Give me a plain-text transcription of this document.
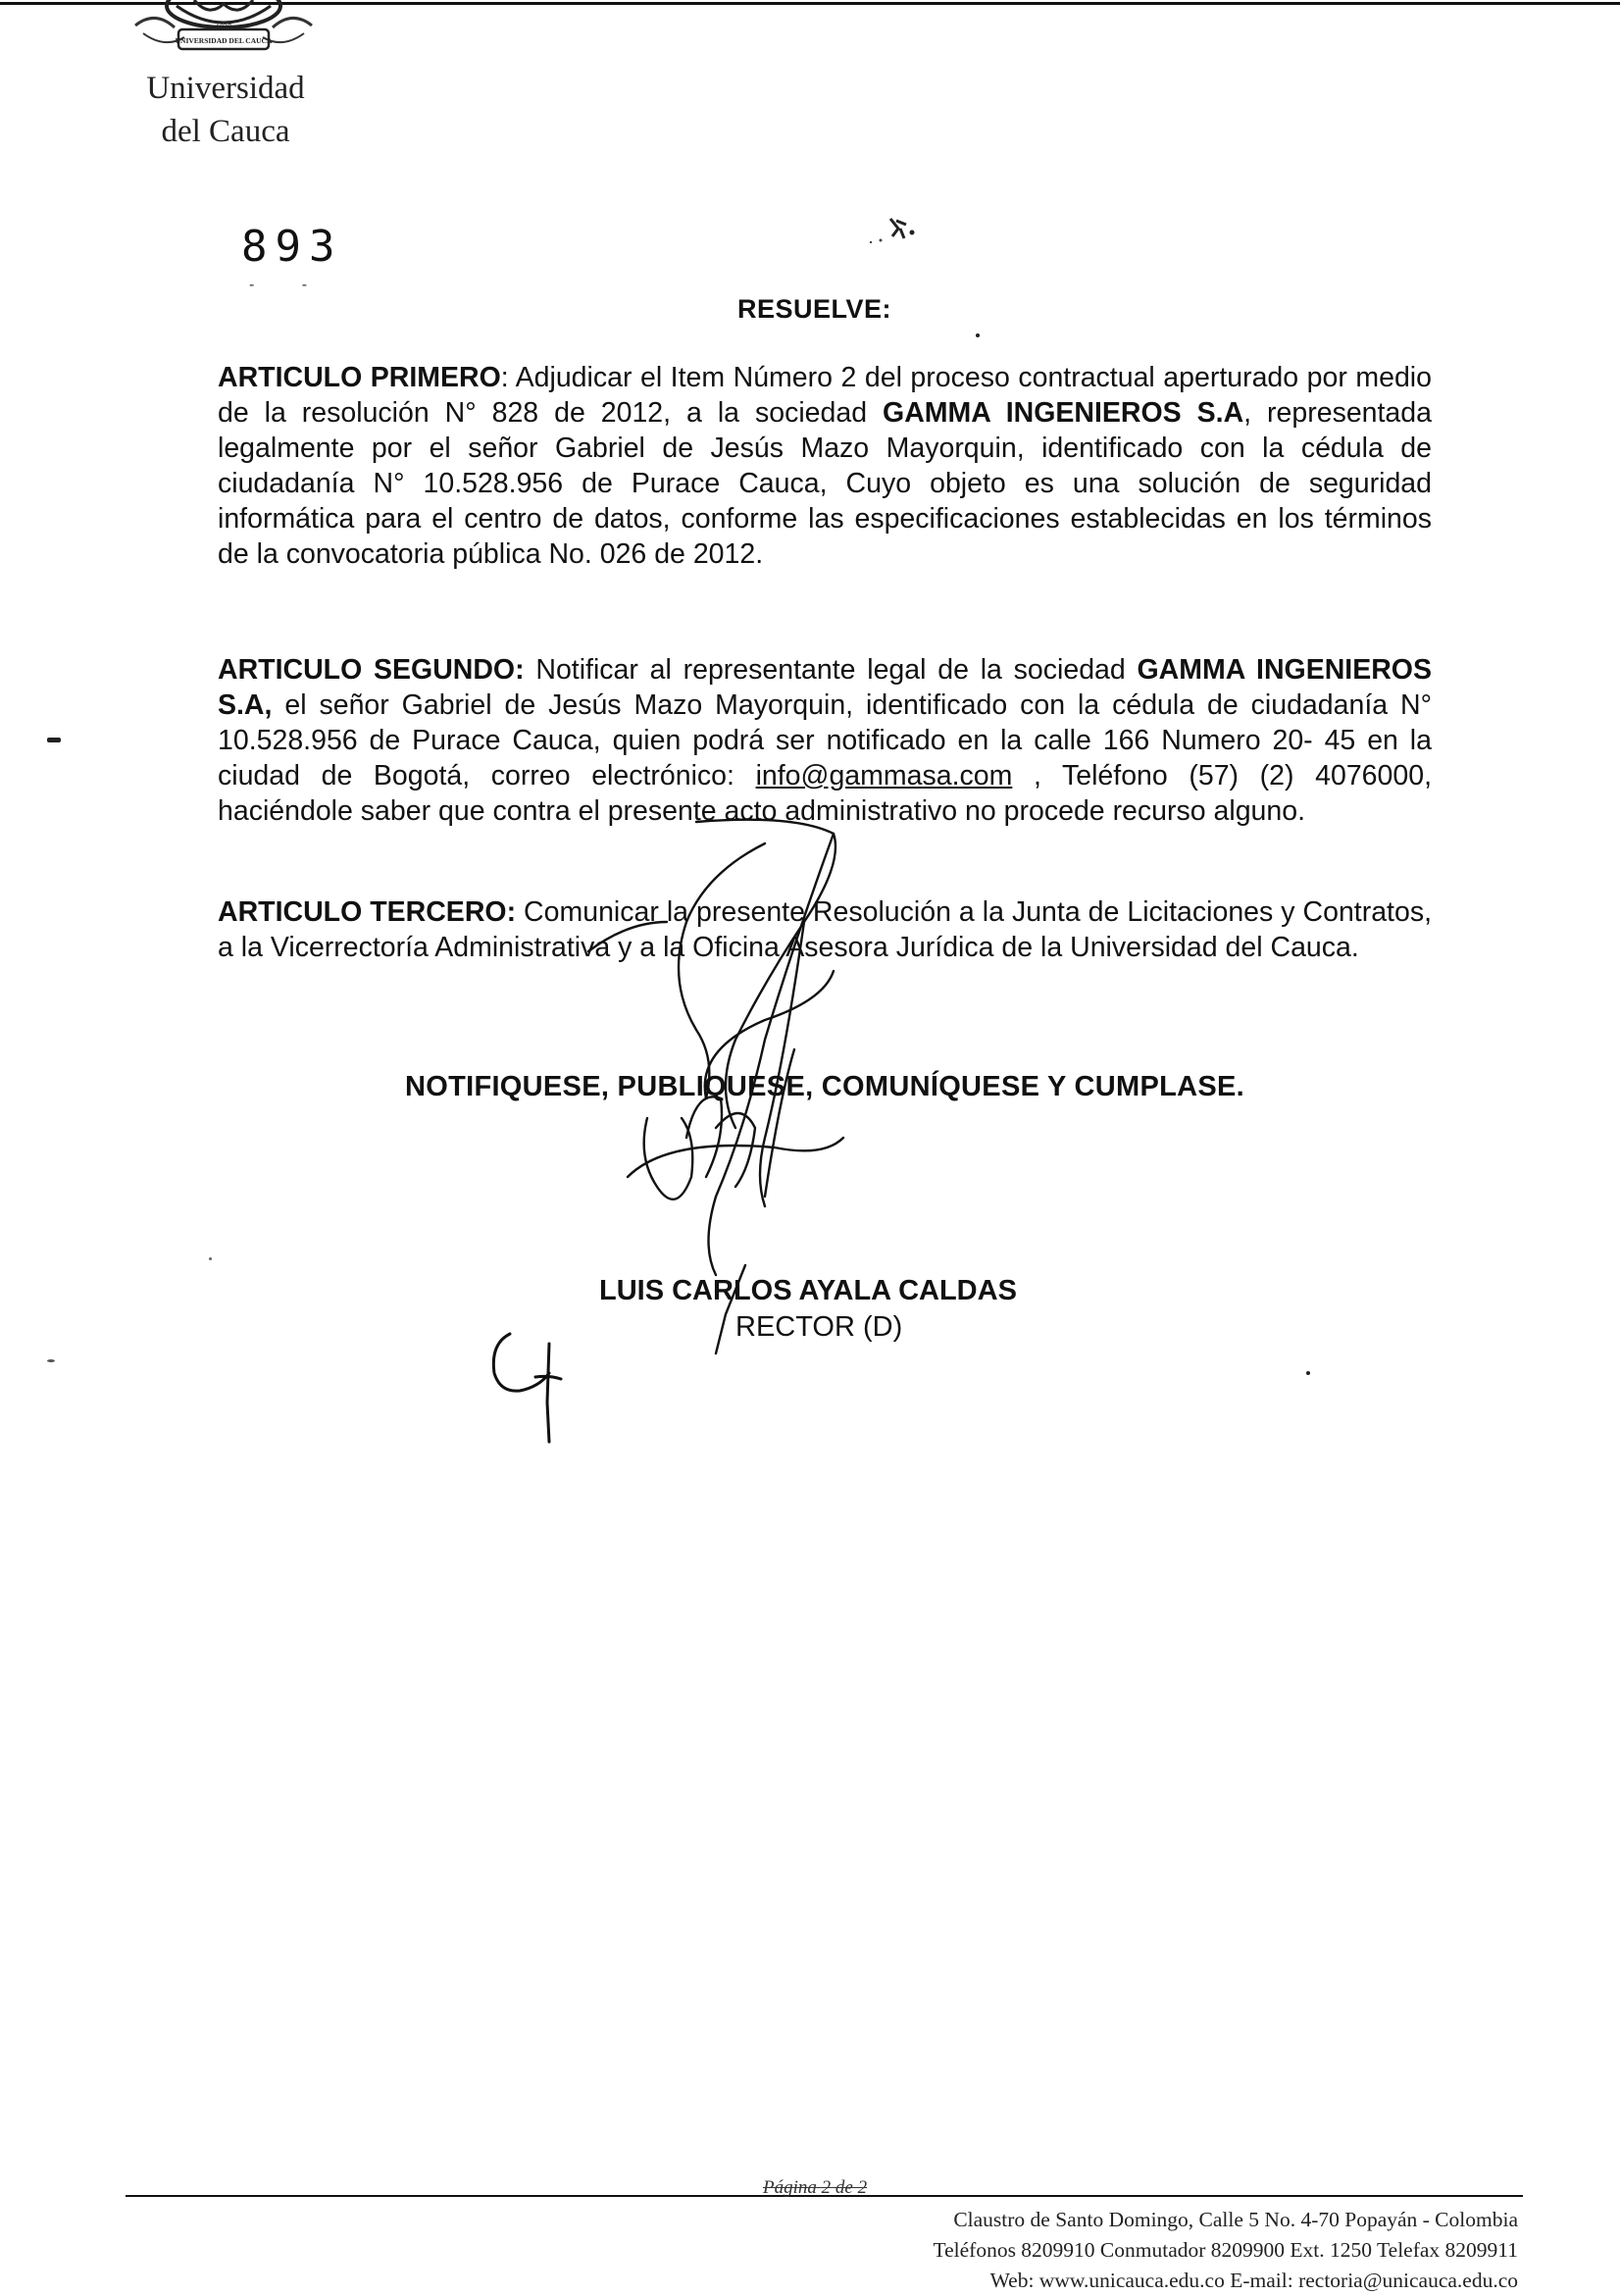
1827
UNIVERSIDAD DEL CAUCA
Universidad
del Cauca
893
- -
RESUELVE:
ARTICULO PRIMERO: Adjudicar el Item Número 2 del proceso contractual aperturado por medio de la resolución N° 828 de 2012, a la sociedad GAMMA INGENIEROS S.A, representada legalmente por el señor Gabriel de Jesús Mazo Mayorquin, identificado con la cédula de ciudadanía N° 10.528.956 de Purace Cauca, Cuyo objeto es una solución de seguridad informática para el centro de datos, conforme las especificaciones establecidas en los términos de la convocatoria pública No. 026 de 2012.
ARTICULO SEGUNDO: Notificar al representante legal de la sociedad GAMMA INGENIEROS S.A, el señor Gabriel de Jesús Mazo Mayorquin, identificado con la cédula de ciudadanía N° 10.528.956 de Purace Cauca, quien podrá ser notificado en la calle 166 Numero 20- 45 en la ciudad de Bogotá, correo electrónico: info@gammasa.com , Teléfono (57) (2) 4076000, haciéndole saber que contra el presente acto administrativo no procede recurso alguno.
ARTICULO TERCERO: Comunicar la presente Resolución a la Junta de Licitaciones y Contratos, a la Vicerrectoría Administrativa y a la Oficina Asesora Jurídica de la Universidad del Cauca.
NOTIFIQUESE, PUBLIQUESE, COMUNÍQUESE Y CUMPLASE.
LUIS CARLOS AYALA CALDAS
RECTOR (D)
Página 2 de 2
Claustro de Santo Domingo, Calle 5 No. 4-70 Popayán - Colombia
Teléfonos 8209910 Conmutador 8209900 Ext. 1250 Telefax 8209911
Web: www.unicauca.edu.co E-mail: rectoria@unicauca.edu.co
